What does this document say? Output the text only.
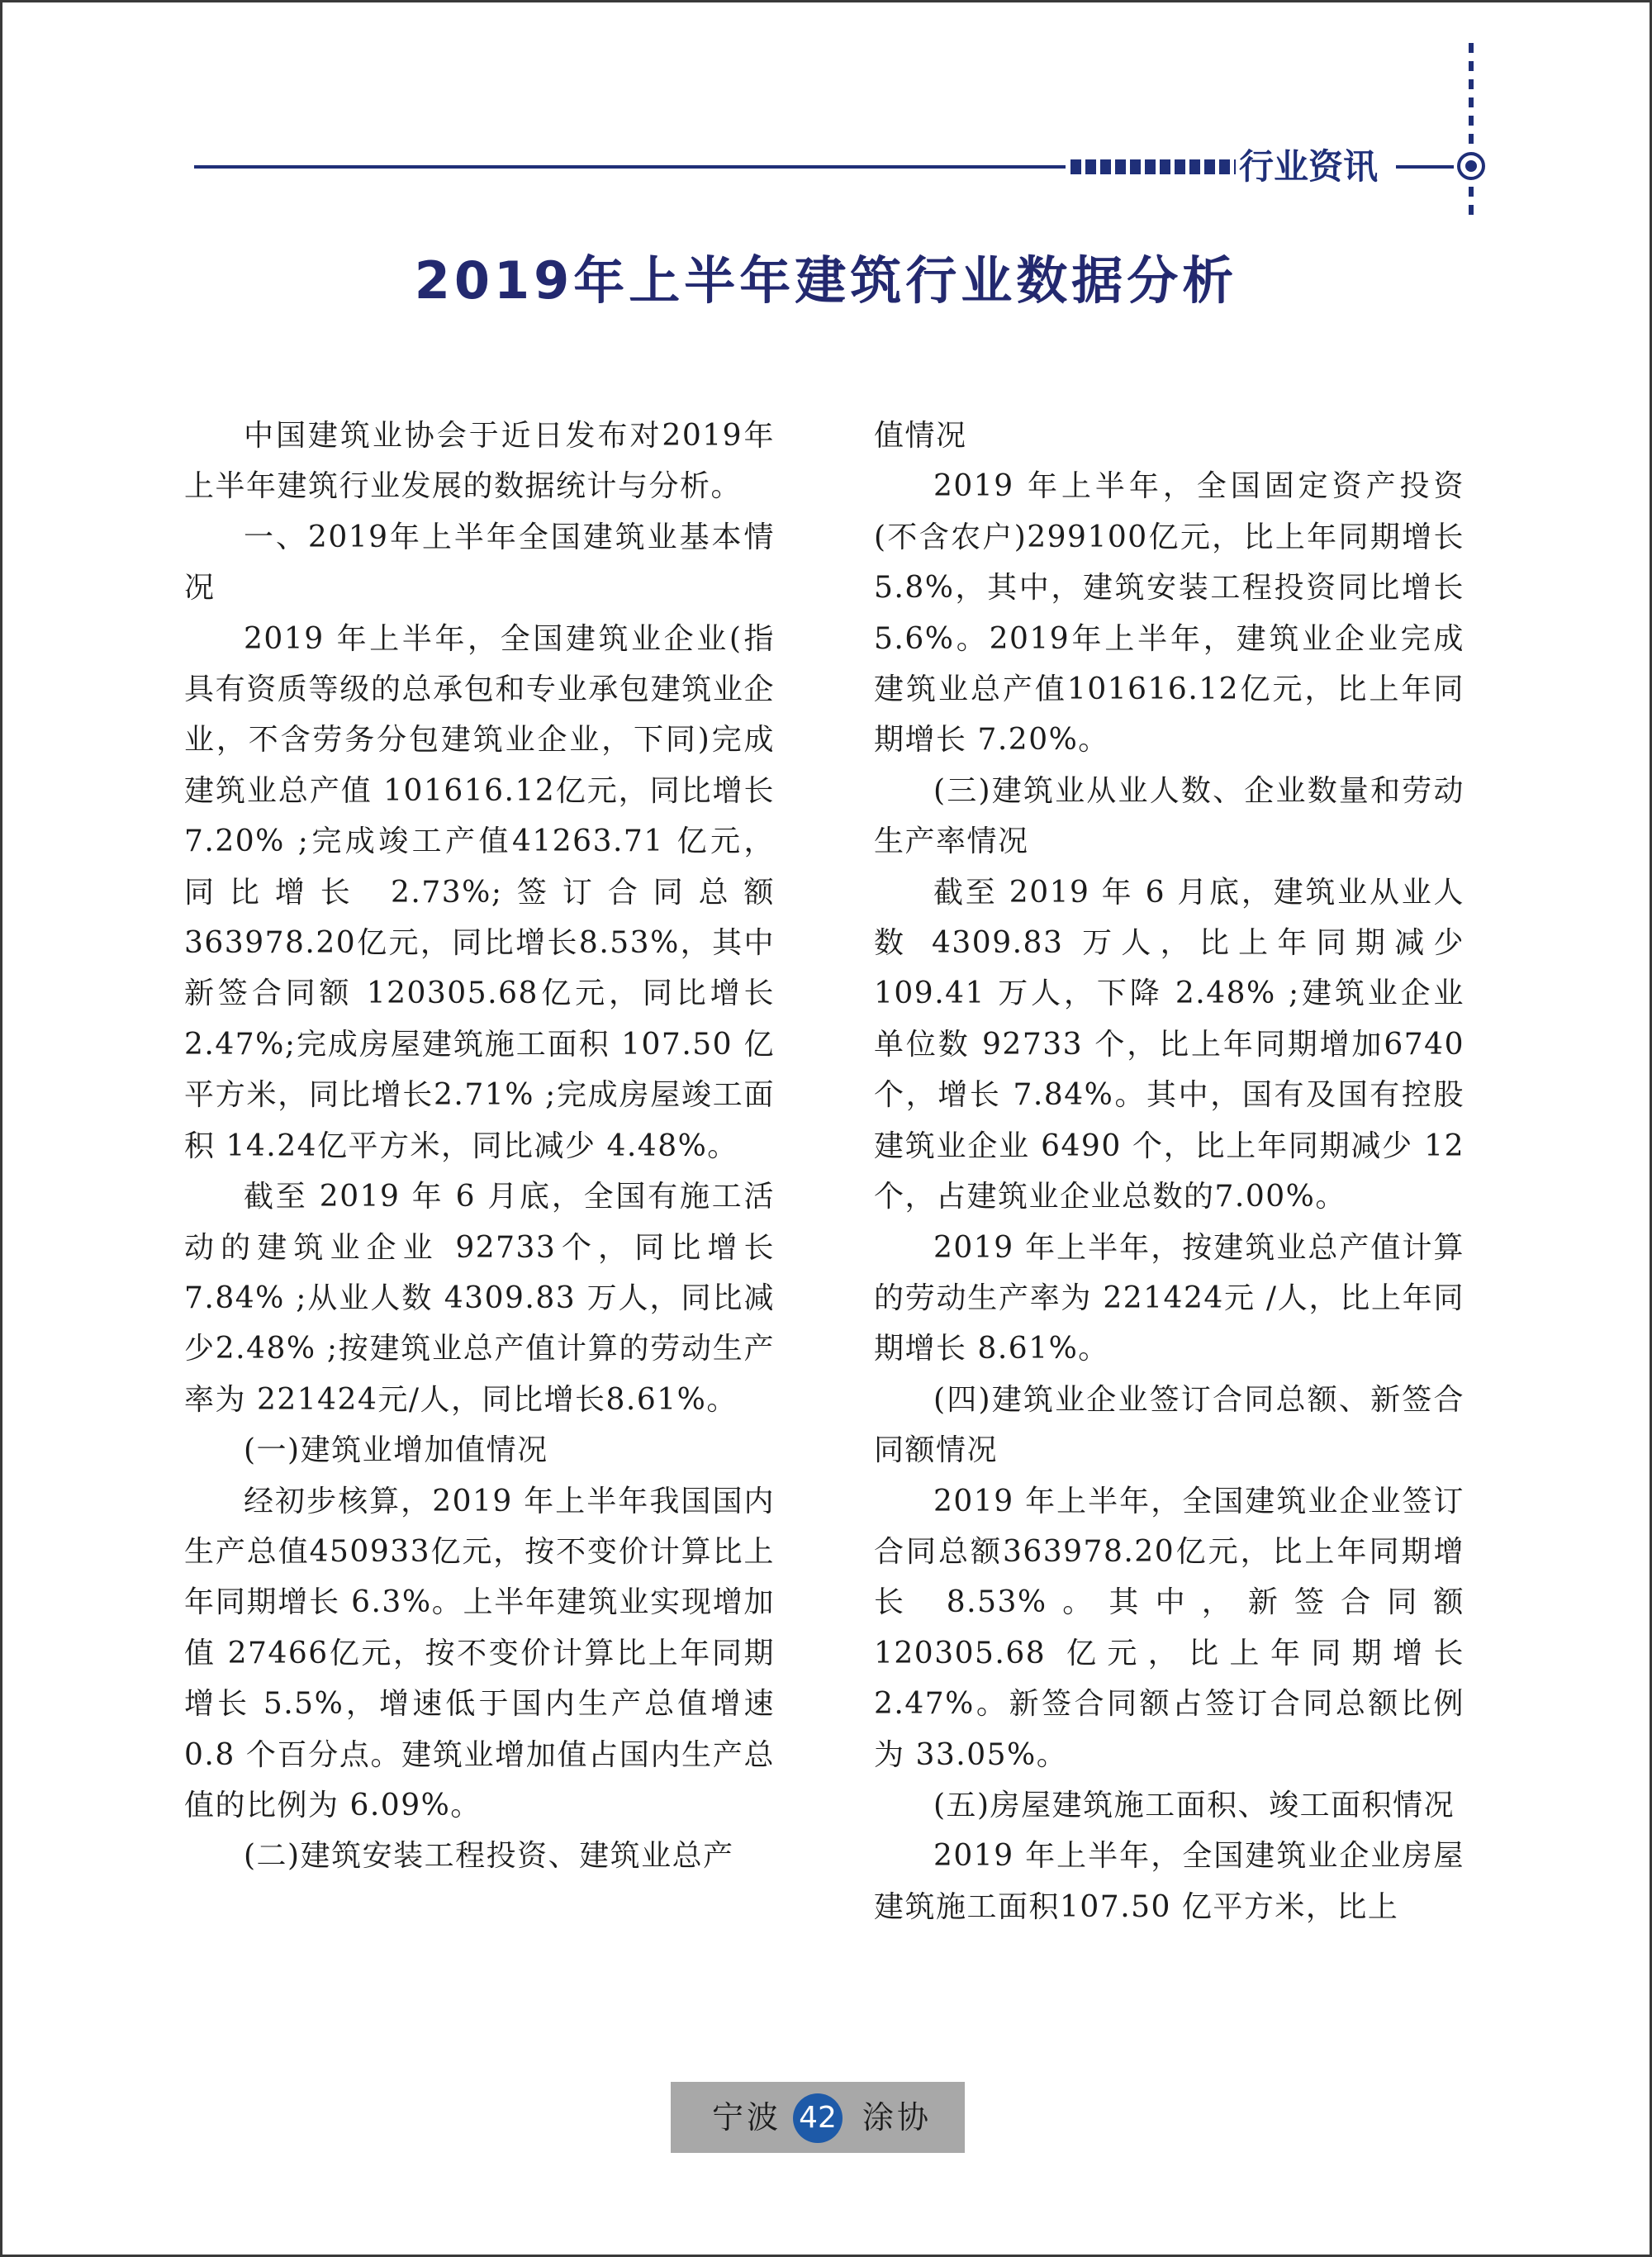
行业资讯
2019年上半年建筑行业数据分析

中国建筑业协会于近日发布对2019年上半年建筑行业发展的数据统计与分析。

一、2019年上半年全国建筑业基本情况

2019 年上半年，全国建筑业企业(指具有资质等级的总承包和专业承包建筑业企业，不含劳务分包建筑业企业，下同)完成建筑业总产值 101616.12亿元，同比增长 7.20% ;完成竣工产值41263.71 亿元，同比增长 2.73%;签订合同总额 363978.20亿元，同比增长8.53%，其中新签合同额 120305.68亿元，同比增长 2.47%;完成房屋建筑施工面积 107.50 亿平方米，同比增长2.71% ;完成房屋竣工面积 14.24亿平方米，同比减少 4.48%。

截至 2019 年 6 月底，全国有施工活动的建筑业企业 92733个，同比增长7.84% ;从业人数 4309.83 万人，同比减少2.48% ;按建筑业总产值计算的劳动生产率为 221424元/人，同比增长8.61%。

(一)建筑业增加值情况

经初步核算，2019 年上半年我国国内生产总值450933亿元，按不变价计算比上年同期增长 6.3%。上半年建筑业实现增加值 27466亿元，按不变价计算比上年同期增长 5.5%，增速低于国内生产总值增速 0.8 个百分点。建筑业增加值占国内生产总值的比例为 6.09%。

(二)建筑安装工程投资、建筑业总产

值情况

2019 年上半年，全国固定资产投资(不含农户)299100亿元，比上年同期增长 5.8%，其中，建筑安装工程投资同比增长 5.6%。2019年上半年，建筑业企业完成建筑业总产值101616.12亿元，比上年同期增长 7.20%。

(三)建筑业从业人数、企业数量和劳动生产率情况

截至 2019 年 6 月底，建筑业从业人数 4309.83 万人，比上年同期减少109.41 万人，下降 2.48% ;建筑业企业单位数 92733 个，比上年同期增加6740个，增长 7.84%。其中，国有及国有控股建筑业企业 6490 个，比上年同期减少 12个，占建筑业企业总数的7.00%。

2019 年上半年，按建筑业总产值计算的劳动生产率为 221424元 /人，比上年同期增长 8.61%。

(四)建筑业企业签订合同总额、新签合同额情况

2019 年上半年，全国建筑业企业签订合同总额363978.20亿元，比上年同期增长 8.53%。其中，新签合同额120305.68 亿元，比上年同期增长2.47%。新签合同额占签订合同总额比例为 33.05%。

(五)房屋建筑施工面积、竣工面积情况

2019 年上半年，全国建筑业企业房屋建筑施工面积107.50 亿平方米，比上

宁波 42 涂协
